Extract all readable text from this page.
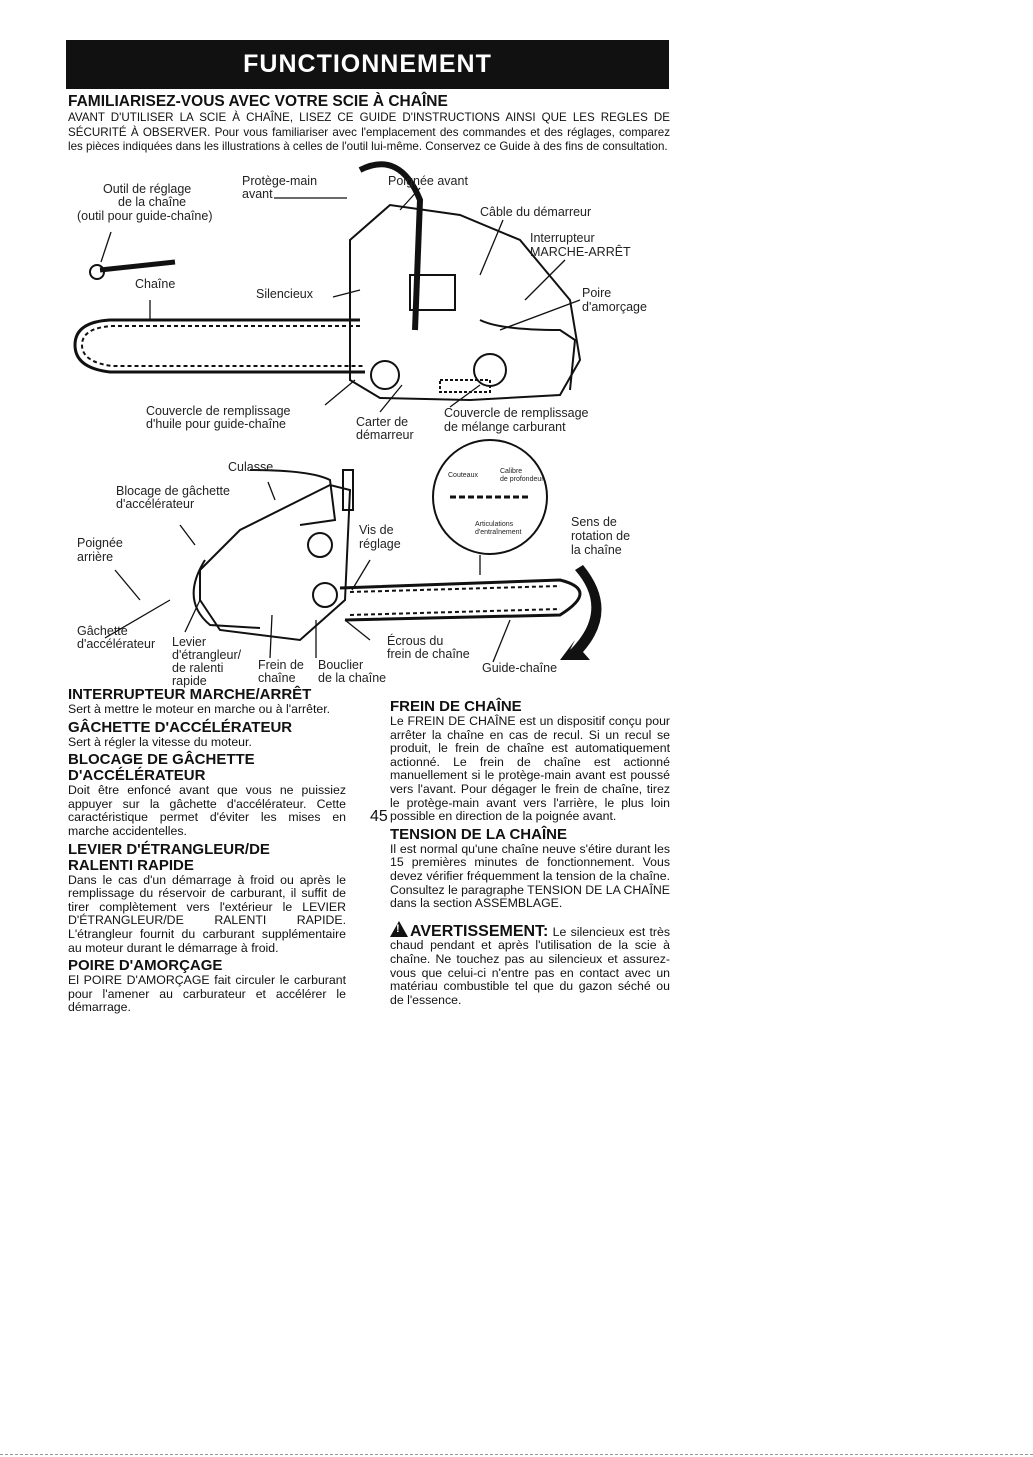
FUNCTIONNEMENT
FAMILIARISEZ-VOUS AVEC VOTRE SCIE À CHAÎNE
AVANT D'UTILISER LA SCIE À CHAÎNE, LISEZ CE GUIDE D'INSTRUCTIONS AINSI QUE LES REGLES DE SÉCURITÉ À OBSERVER. Pour vous familiariser avec l'emplacement des commandes et des réglages, comparez les pièces indiquées dans les illustrations à celles de l'outil lui-même. Conservez ce Guide à des fins de consultation.
Outil de réglage
de la chaîne
(outil pour guide-chaîne)
Protège-main
avant
Poignée avant
Câble du démarreur
Interrupteur
MARCHE-ARRÊT
Chaîne
Silencieux	Poire
d'amorçage
Couvercle de remplissage
d'huile pour guide-chaîne	Carter de
démarreur
Couvercle de remplissage
de mélange carburant
Culasse
Blocage de gâchette
d'accélérateur
Poignée
arrière
Vis de
réglage
Couteaux
Calibre
de profondeur
Articulations
d'entraînement
Sens de
rotation de
la chaîne
Gâchette
d'accélérateur Levier
d'étrangleur/
de ralenti
rapide
Frein de
chaîne
Bouclier
de la chaîne
Écrous du
frein de chaîne
Guide-chaîne
INTERRUPTEUR MARCHE/ARRÊT

Sert à mettre le moteur en marche ou à l'arrêter.

GÂCHETTE D'ACCÉLÉRATEUR

Sert à régler la vitesse du moteur.

BLOCAGE DE GÂCHETTE
D'ACCÉLÉRATEUR

Doit être enfoncé avant que vous ne puissiez appuyer sur la gâchette d'accélérateur. Cette caractéristique permet d'éviter les mises en marche accidentelles.

LEVIER D'ÉTRANGLEUR/DE
RALENTI RAPIDE

Dans le cas d'un démarrage à froid ou après le remplissage du réservoir de carburant, il suffit de tirer complètement vers l'extérieur le LEVIER D'ÉTRANGLEUR/DE RALENTI RAPIDE. L'étrangleur fournit du carburant supplémentaire au moteur durant le démarrage à froid.

POIRE D'AMORÇAGE

El POIRE D'AMORÇAGE fait circuler le carburant pour l'amener au carburateur et accélérer le démarrage.

FREIN DE CHAÎNE

Le FREIN DE CHAÎNE est un dispositif conçu pour arrêter la chaîne en cas de recul. Si un recul se produit, le frein de chaîne est automatiquement actionné. Le frein de chaîne est actionné manuellement si le protège-main avant est poussé vers l'avant. Pour dégager le frein de chaîne, tirez le protège-main avant vers l'arrière, le plus loin possible en direction de la poignée avant.

TENSION DE LA CHAÎNE

Il est normal qu'une chaîne neuve s'étire durant les 15 premières minutes de fonctionnement. Vous devez vérifier fréquemment la tension de la chaîne. Consultez le paragraphe TENSION DE LA CHAÎNE dans la section ASSEMBLAGE.

! AVERTISSEMENT: Le silencieux est très chaud pendant et après l'utilisation de la scie à chaîne. Ne touchez pas au silencieux et assurez-vous que celui-ci n'entre pas en contact avec un matériau combustible tel que du gazon séché ou de l'essence.

45
